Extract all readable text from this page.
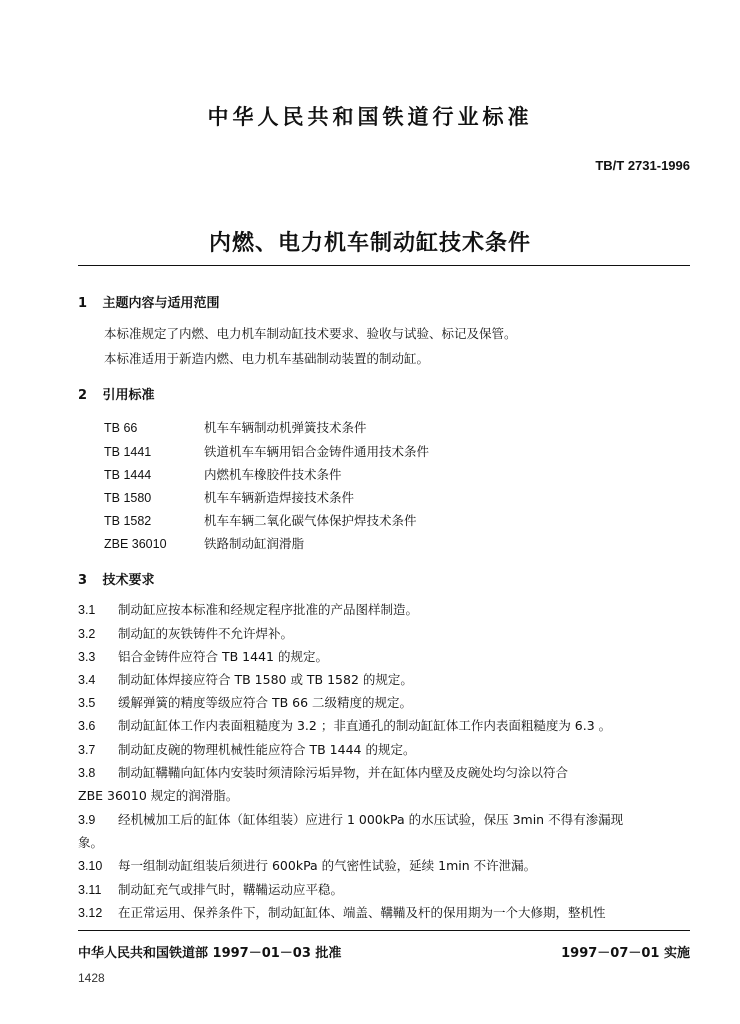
中华人民共和国铁道行业标准
TB/T 2731-1996
内燃、电力机车制动缸技术条件
1 主题内容与适用范围
本标准规定了内燃、电力机车制动缸技术要求、验收与试验、标记及保管。
本标准适用于新造内燃、电力机车基础制动装置的制动缸。
2 引用标准
TB 66	机车车辆制动机弹簧技术条件
TB 1441	铁道机车车辆用铝合金铸件通用技术条件
TB 1444	内燃机车橡胶件技术条件
TB 1580	机车车辆新造焊接技术条件
TB 1582	机车车辆二氧化碳气体保护焊技术条件
ZBE 36010	铁路制动缸润滑脂
3 技术要求
3.1 制动缸应按本标准和经规定程序批准的产品图样制造。
3.2 制动缸的灰铁铸件不允许焊补。
3.3 铝合金铸件应符合 TB 1441 的规定。
3.4 制动缸体焊接应符合 TB 1580 或 TB 1582 的规定。
3.5 缓解弹簧的精度等级应符合 TB 66 二级精度的规定。
3.6 制动缸缸体工作内表面粗糙度为 3.2 ；非直通孔的制动缸缸体工作内表面粗糙度为 6.3 。
3.7 制动缸皮碗的物理机械性能应符合 TB 1444 的规定。
3.8 制动缸鞲鞴向缸体内安装时须清除污垢异物，并在缸体内壁及皮碗处均匀涂以符合
ZBE 36010 规定的润滑脂。
3.9 经机械加工后的缸体（缸体组装）应进行 1 000kPa 的水压试验，保压 3min 不得有渗漏现
象。
3.10 每一组制动缸组装后须进行 600kPa 的气密性试验，延续 1min 不许泄漏。
3.11 制动缸充气或排气时，鞲鞴运动应平稳。
3.12 在正常运用、保养条件下，制动缸缸体、端盖、鞲鞴及杆的保用期为一个大修期，整机性
中华人民共和国铁道部 1997－01－03 批准	1997－07－01 实施
1428
